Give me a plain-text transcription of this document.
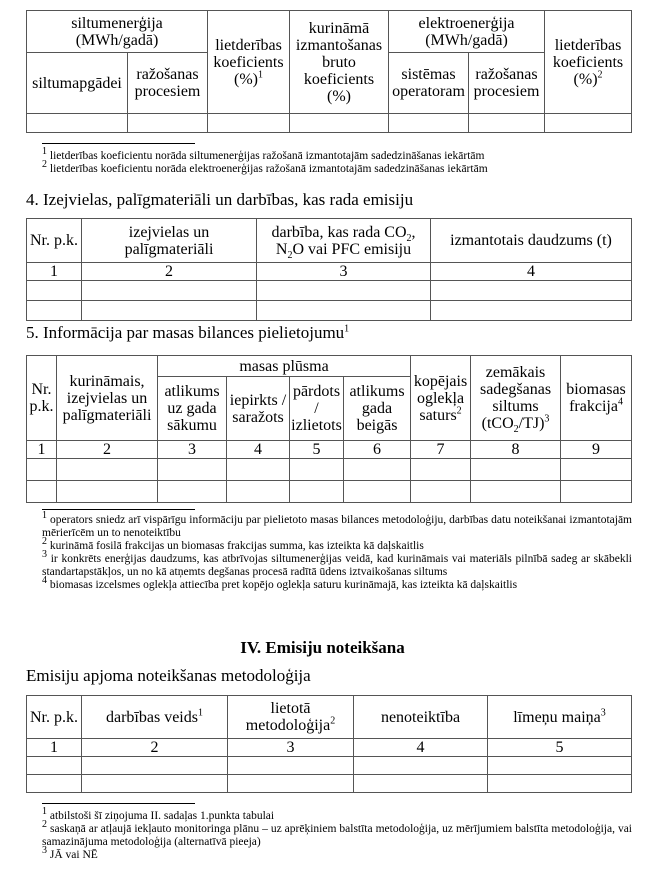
siltumenerģija (MWh/gadā)		lietderības koeficients (%)$^1$	kurināmā izmantošanas bruto koeficients (%)	elektroenerģija (MWh/gadā)		lietderības koeficients (%)$^2$
siltumapgādei	ražošanas procesiem			sistēmas operatoram	ražošanas procesiem	

$^1$ lietderības koeficientu norāda siltumenerģijas ražošanā izmantotajām sadedzināšanas iekārtām

$^2$ lietderības koeficientu norāda elektroenerģijas ražošanā izmantotajām sadedzināšanas iekārtām

4. Izejvielas, palīgmateriāli un darbības, kas rada emisiju
Nr. p.k.	izejvielas un palīgmateriāli	darbība, kas rada $CO_2$, $N_2O$ vai PFC emisiju	izmantotais daudzums (t)
1	2	3	4

5. Informācija par masas bilances pielietojumu$^1$
Nr. p.k.	kurināmais, izejvielas un palīgmateriāli	masas plūsma				kopējais oglekļa saturs$^2$	zemākais sadegšanas siltums $(tCO_2/TJ)^3$	biomasas frakcija$^4$
		atlikums uz gada sākumu	iepirkts / saražots	pārdots / izlietots	atlikums gada beigās			
1	2	3	4	5	6	7	8	9

$^1$ operators sniedz arī vispārīgu informāciju par pielietoto masas bilances metodoloģiju, darbības datu noteikšanai izmantotajām mērierīcēm un to nenoteiktību

$^2$ kurināmā fosilā frakcijas un biomasas frakcijas summa, kas izteikta kā daļskaitlis

$^3$ ir konkrēts enerģijas daudzums, kas atbrīvojas siltumenerģijas veidā, kad kurināmais vai materiāls pilnībā sadeg ar skābekli standartapstākļos, un no kā atņemts degšanas procesā radītā ūdens iztvaikošanas siltums

$^4$ biomasas izcelsmes oglekļa attiecība pret kopējo oglekļa saturu kurināmajā, kas izteikta kā daļskaitlis

IV. Emisiju noteikšana
Emisiju apjoma noteikšanas metodoloģija
Nr. p.k.	darbības veids$^1$	lietotā metodoloģija$^2$	nenoteiktība	līmeņu maiņa$^3$
1	2	3	4	5

$^1$ atbilstoši šī ziņojuma II. sadaļas 1.punkta tabulai

$^2$ saskaņā ar atļaujā iekļauto monitoringa plānu – uz aprēķiniem balstīta metodoloģija, uz mērījumiem balstīta metodoloģija, vai samazinājuma metodoloģija (alternatīvā pieeja)

$^3$ JĀ vai NĒ
